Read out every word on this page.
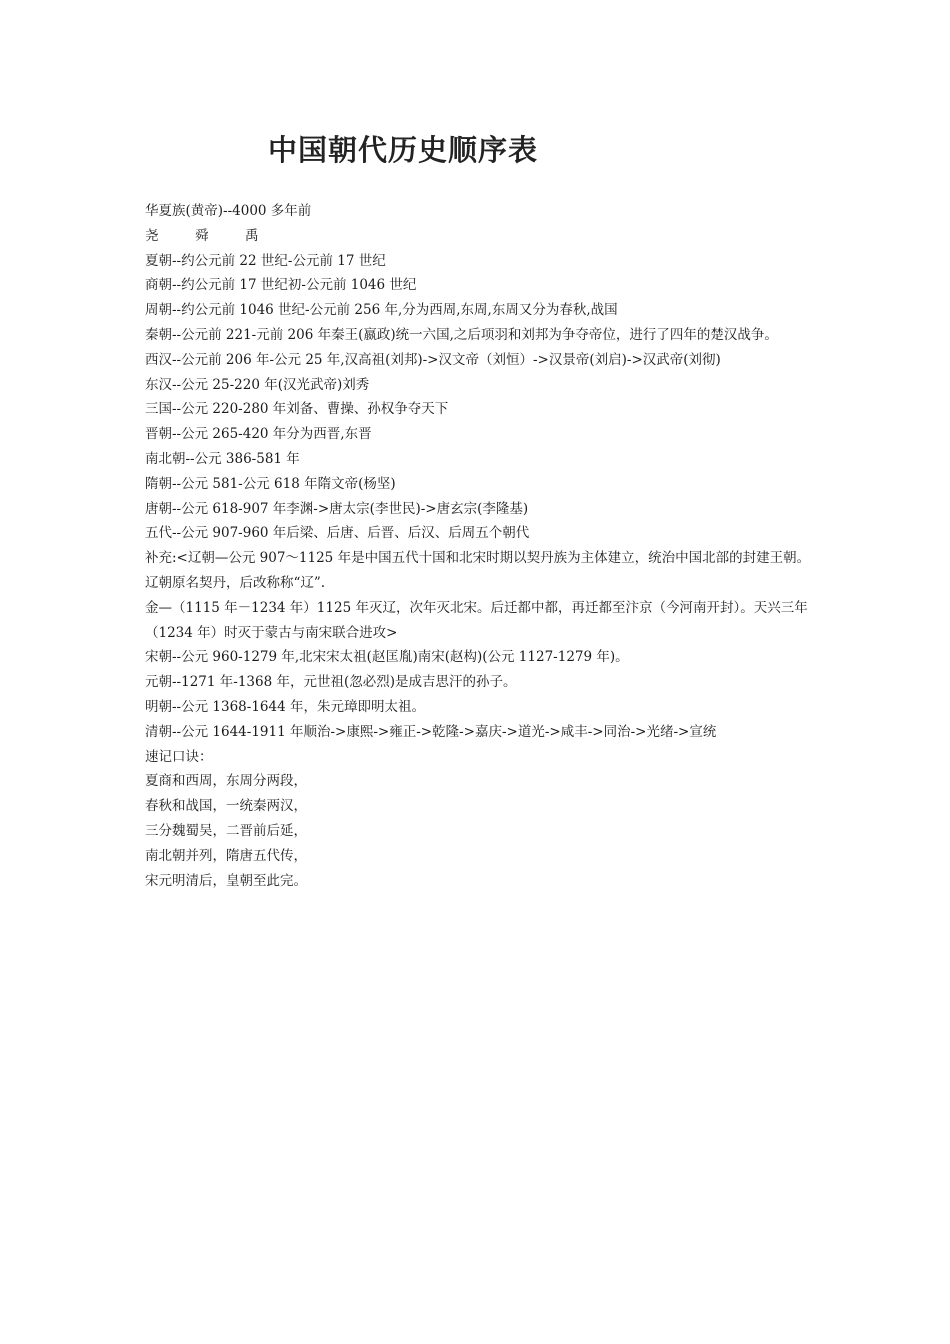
中国朝代历史顺序表

华夏族(黄帝)--4000 多年前

尧	舜	禹

夏朝--约公元前 22 世纪-公元前 17 世纪

商朝--约公元前 17 世纪初-公元前 1046 世纪

周朝--约公元前 1046 世纪-公元前 256 年,分为西周,东周,东周又分为春秋,战国

秦朝--公元前 221-元前 206 年秦王(嬴政)统一六国,之后项羽和刘邦为争夺帝位，进行了四年的楚汉战争。

西汉--公元前 206 年-公元 25 年,汉高祖(刘邦)->汉文帝（刘恒）->汉景帝(刘启)->汉武帝(刘彻)

东汉--公元 25-220 年(汉光武帝)刘秀

三国--公元 220-280 年刘备、曹操、孙权争夺天下

晋朝--公元 265-420 年分为西晋,东晋

南北朝--公元 386-581 年

隋朝--公元 581-公元 618 年隋文帝(杨坚)

唐朝--公元 618-907 年李渊->唐太宗(李世民)->唐玄宗(李隆基)

五代--公元 907-960 年后梁、后唐、后晋、后汉、后周五个朝代

补充:<辽朝—公元 907～1125 年是中国五代十国和北宋时期以契丹族为主体建立，统治中国北部的封建王朝。辽朝原名契丹，后改称称“辽”.

金—（1115 年－1234 年）1125 年灭辽，次年灭北宋。后迁都中都，再迁都至汴京（今河南开封）。天兴三年（1234 年）时灭于蒙古与南宋联合进攻>

宋朝--公元 960-1279 年,北宋宋太祖(赵匡胤)南宋(赵构)(公元 1127-1279 年)。

元朝--1271 年-1368 年，元世祖(忽必烈)是成吉思汗的孙子。

明朝--公元 1368-1644 年，朱元璋即明太祖。

清朝--公元 1644-1911 年顺治->康熙->雍正->乾隆->嘉庆->道光->咸丰->同治->光绪->宣统

速记口诀：

夏商和西周，东周分两段，

春秋和战国，一统秦两汉，

三分魏蜀吴，二晋前后延，

南北朝并列，隋唐五代传，

宋元明清后，皇朝至此完。
